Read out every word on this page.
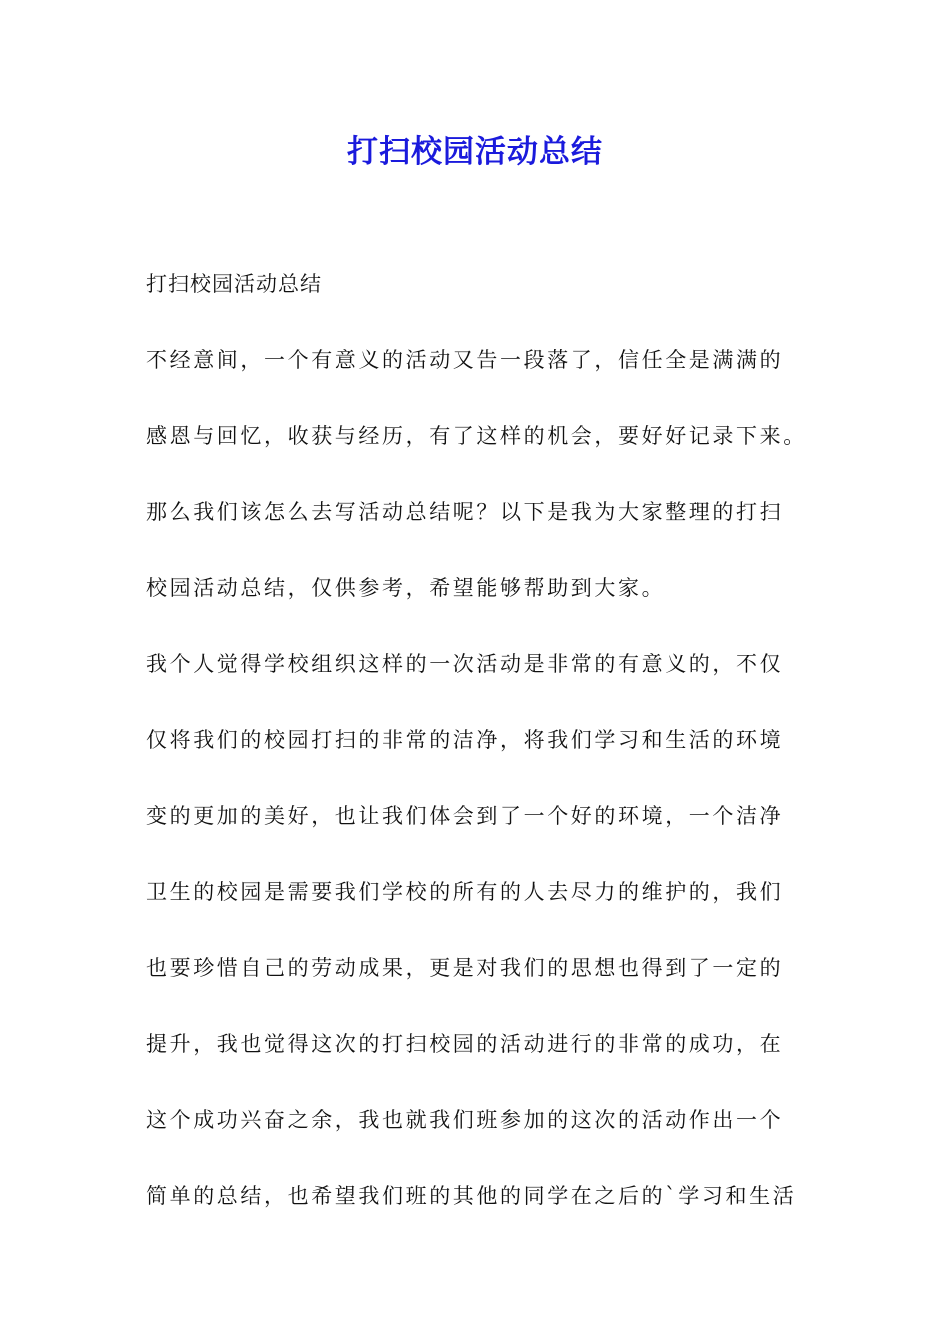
打扫校园活动总结

打扫校园活动总结

不经意间，一个有意义的活动又告一段落了，信任全是满满的

感恩与回忆，收获与经历，有了这样的机会，要好好记录下来。

那么我们该怎么去写活动总结呢？以下是我为大家整理的打扫

校园活动总结，仅供参考，希望能够帮助到大家。

我个人觉得学校组织这样的一次活动是非常的有意义的，不仅

仅将我们的校园打扫的非常的洁净，将我们学习和生活的环境

变的更加的美好，也让我们体会到了一个好的环境，一个洁净

卫生的校园是需要我们学校的所有的人去尽力的维护的，我们

也要珍惜自己的劳动成果，更是对我们的思想也得到了一定的

提升，我也觉得这次的打扫校园的活动进行的非常的成功，在

这个成功兴奋之余，我也就我们班参加的这次的活动作出一个

简单的总结，也希望我们班的其他的同学在之后的`学习和生活
